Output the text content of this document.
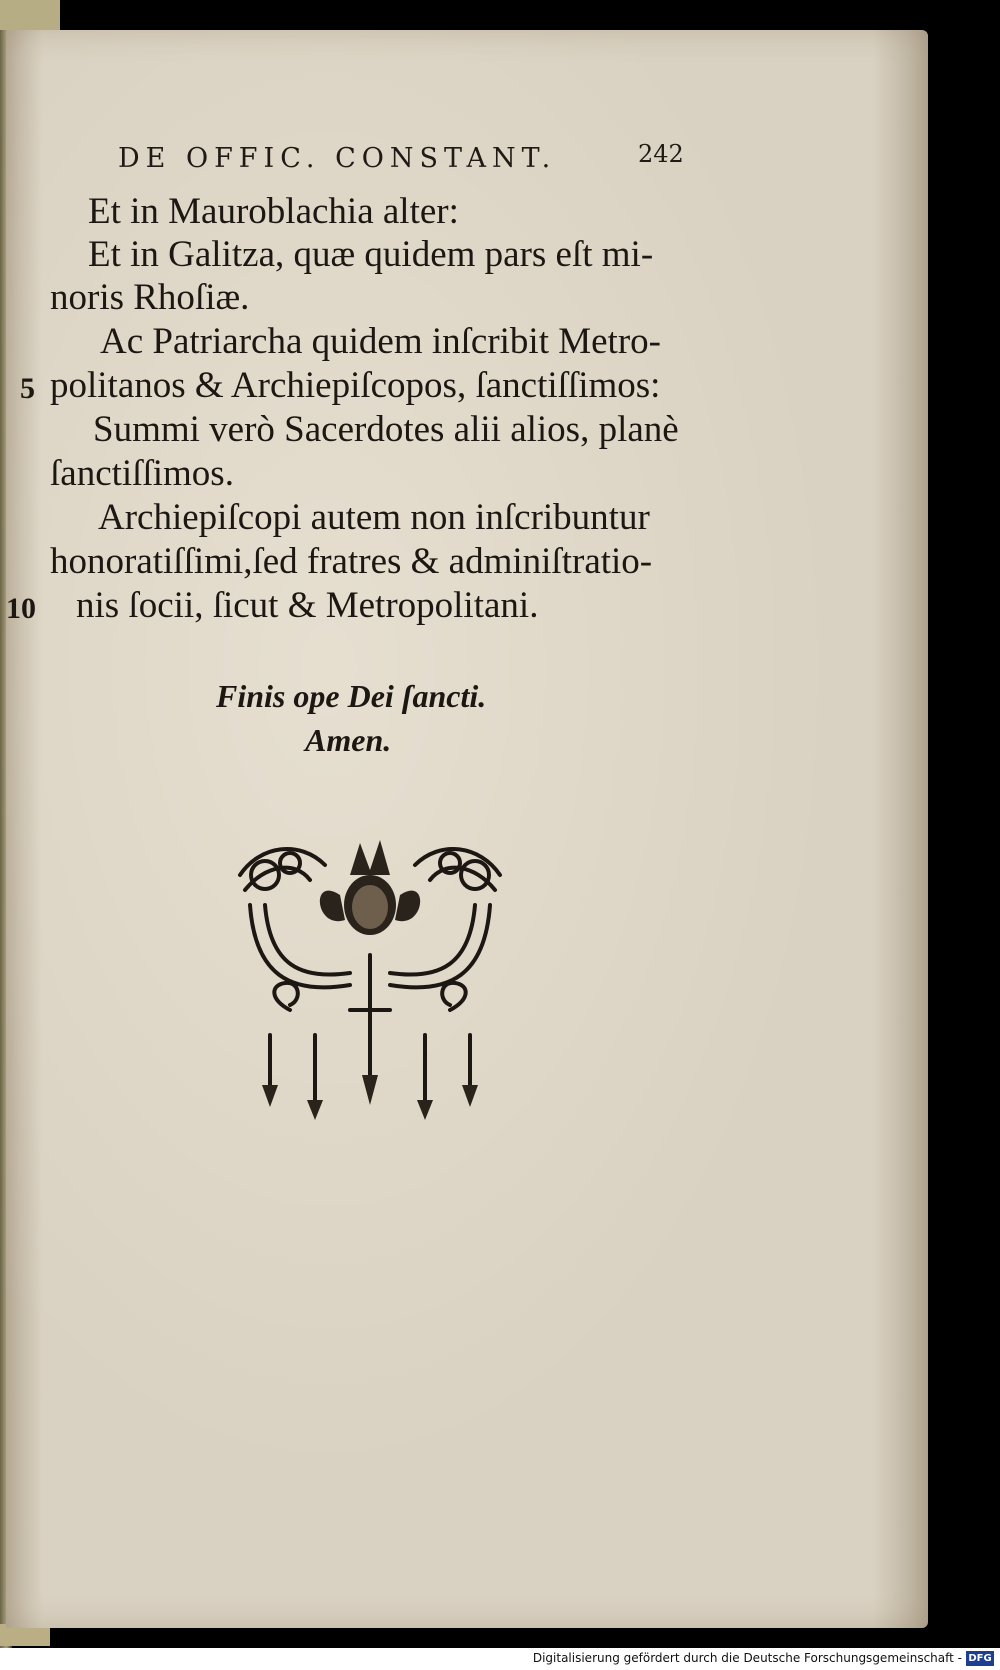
DE OFFIC. CONSTANT.	242
Et in Mauroblachia alter:
Et in Galitza, quæ quidem pars eſt mi-
noris Rhoſiæ.
Ac Patriarcha quidem inſcribit Metro-
5 politanos & Archiepiſcopos, ſanctiſſimos:
Summi verò Sacerdotes alii alios, planè
ſanctiſſimos.
Archiepiſcopi autem non inſcribuntur
honoratiſſimi,ſed fratres & adminiſtratio-
10 nis ſocii, ſicut & Metropolitani.
Finis ope Dei ſancti.
Amen.
Digitalisierung gefördert durch die Deutsche Forschungsgemeinschaft - DFG
